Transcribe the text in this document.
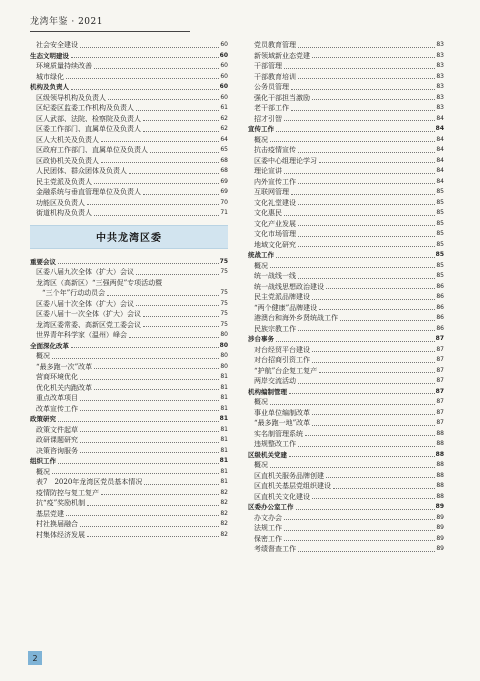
龙湾年鉴 · 2021
社会安全建设	60
生态文明建设	60
环境质量持续改善	60
城市绿化	60
机构及负责人	60
区级领导机构及负责人	60
区纪委区监委工作机构及负责人	61
区人武部、法院、检察院及负责人	62
区委工作部门、直属单位及负责人	62
区人大机关及负责人	64
区政府工作部门、直属单位及负责人	65
区政协机关及负责人	68
人民团体、群众团体及负责人	68
民主党派及负责人	69
金融系统与垂直管理单位及负责人	69
功能区及负责人	70
街道机构及负责人	71
中共龙湾区委
重要会议	75
区委八届九次全体（扩大）会议	75
龙湾区（高新区）“三强两促”专项活动暨
“三个年”行动动员会	75
区委八届十次全体（扩大）会议	75
区委八届十一次全体（扩大）会议	75
龙湾区委常委、高新区党工委会议	75
世界青年科学家（温州）峰会	80
全面深化改革	80
概况	80
“最多跑一次”改革	80
营商环境优化	81
优化机关内跑改革	81
重点改革项目	81
改革宣传工作	81
政策研究	81
政策文件起草	81
政研课题研究	81
决策咨询服务	81
组织工作	81
概况	81
表7　2020年龙湾区党员基本情况	81
疫情防控与复工复产	82
抗“疫”奖励机制	82
基层党建	82
村社换届融合	82
村集体经济发展	82
党员教育管理	83
新领域新业态党建	83
干部管理	83
干部教育培训	83
公务员管理	83
强化干部担当激励	83
老干部工作	83
招才引智	84
宣传工作	84
概况	84
抗击疫情宣传	84
区委中心组理论学习	84
理论宣讲	84
内外宣传工作	84
互联网管理	85
文化礼堂建设	85
文化惠民	85
文化产业发展	85
文化市场管理	85
地域文化研究	85
统战工作	85
概况	85
统一战线一线	85
统一战线思想政治建设	86
民主党派品牌建设	86
“两个健康”品牌建设	86
港澳台和海外乡贤统战工作	86
民族宗教工作	86
涉台事务	87
对台经贸平台建设	87
对台招商引资工作	87
“护航”台企复工复产	87
两岸交流活动	87
机构编制管理	87
概况	87
事业单位编制改革	87
“最多跑一地”改革	87
实名制管理系统	88
违规整改工作	88
区级机关党建	88
概况	88
区直机关服务品牌创建	88
区直机关基层党组织建设	88
区直机关文化建设	88
区委办公室工作	89
办文办会	89
法规工作	89
保密工作	89
考绩督查工作	89
2
